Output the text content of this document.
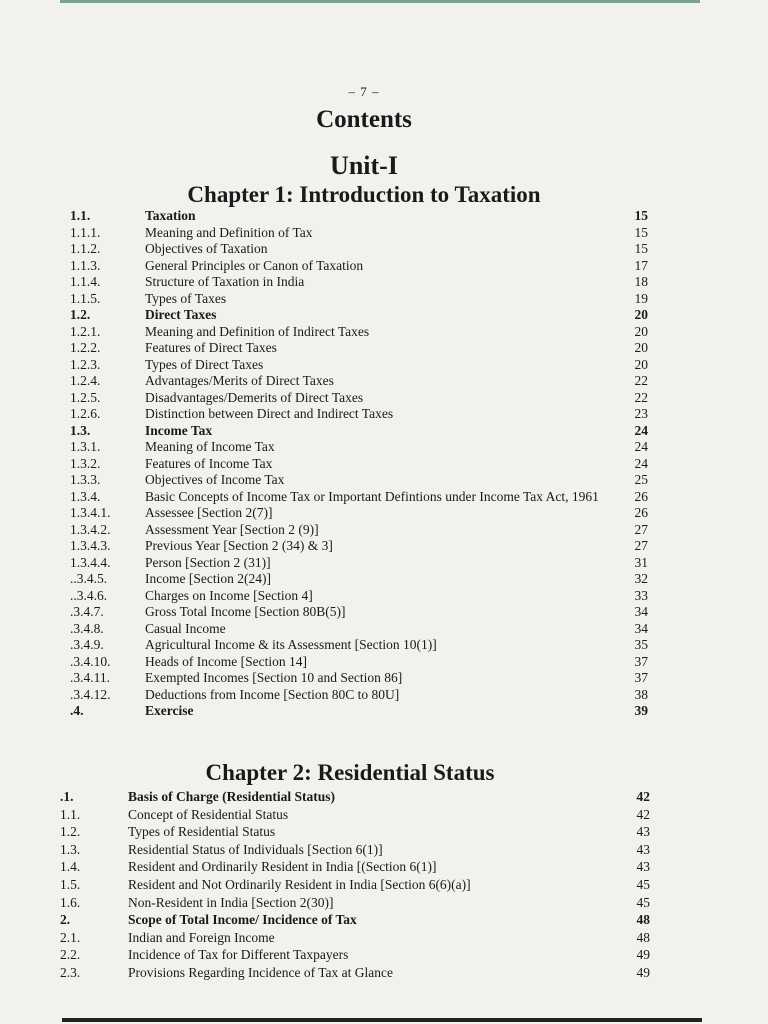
– 7 –
Contents
Unit-I
Chapter 1: Introduction to Taxation
1.1.	Taxation	15
1.1.1.	Meaning and Definition of Tax	15
1.1.2.	Objectives of Taxation	15
1.1.3.	General Principles or Canon of Taxation	17
1.1.4.	Structure of Taxation in India	18
1.1.5.	Types of Taxes	19
1.2.	Direct Taxes	20
1.2.1.	Meaning and Definition of Indirect Taxes	20
1.2.2.	Features of Direct Taxes	20
1.2.3.	Types of Direct Taxes	20
1.2.4.	Advantages/Merits of Direct Taxes	22
1.2.5.	Disadvantages/Demerits of Direct Taxes	22
1.2.6.	Distinction between Direct and Indirect Taxes	23
1.3.	Income Tax	24
1.3.1.	Meaning of Income Tax	24
1.3.2.	Features of Income Tax	24
1.3.3.	Objectives of Income Tax	25
1.3.4.	Basic Concepts of Income Tax or Important Defintions under Income Tax Act, 1961	26
1.3.4.1.	Assessee [Section 2(7)]	26
1.3.4.2.	Assessment Year [Section 2 (9)]	27
1.3.4.3.	Previous Year [Section 2 (34) & 3]	27
1.3.4.4.	Person [Section 2 (31)]	31
..3.4.5.	Income [Section 2(24)]	32
..3.4.6.	Charges on Income [Section 4]	33
.3.4.7.	Gross Total Income [Section 80B(5)]	34
.3.4.8.	Casual Income	34
.3.4.9.	Agricultural Income & its Assessment [Section 10(1)]	35
.3.4.10.	Heads of Income [Section 14]	37
.3.4.11.	Exempted Incomes [Section 10 and Section 86]	37
.3.4.12.	Deductions from Income [Section 80C to 80U]	38
.4.	Exercise	39
Chapter 2: Residential Status
.1.	Basis of Charge (Residential Status)	42
1.1.	Concept of Residential Status	42
1.2.	Types of Residential Status	43
1.3.	Residential Status of Individuals [Section 6(1)]	43
1.4.	Resident and Ordinarily Resident in India [(Section 6(1)]	43
1.5.	Resident and Not Ordinarily Resident in India [Section 6(6)(a)]	45
1.6.	Non-Resident in India [Section 2(30)]	45
2.	Scope of Total Income/ Incidence of Tax	48
2.1.	Indian and Foreign Income	48
2.2.	Incidence of Tax for Different Taxpayers	49
2.3.	Provisions Regarding Incidence of Tax at Glance	49
